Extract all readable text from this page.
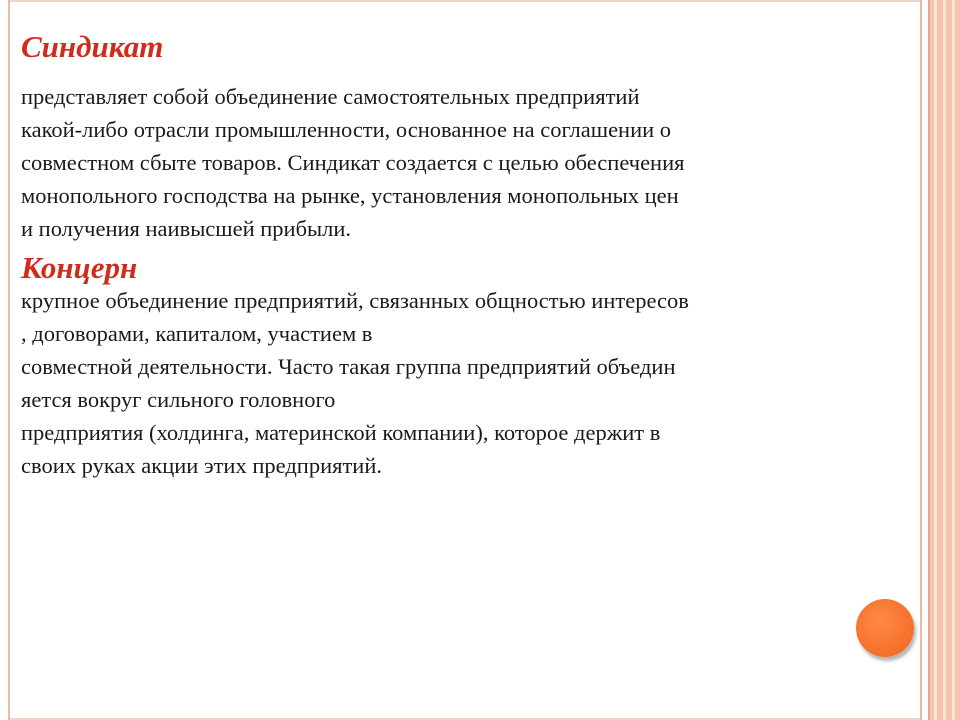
Синдикат

представляет собой объединение самостоятельных предприятий
какой-либо отрасли промышленности, основанное на соглашении о
совместном сбыте товаров. Синдикат создается с целью обеспечения
монопольного господства на рынке, установления монопольных цен
и получения наивысшей прибыли.

Концерн

крупное объединение предприятий, связанных общностью интересов
, договорами, капиталом, участием в
совместной деятельности. Часто такая группа предприятий объедин
яется вокруг сильного головного
предприятия (холдинга, материнской компании), которое держит в
своих руках акции этих предприятий.
